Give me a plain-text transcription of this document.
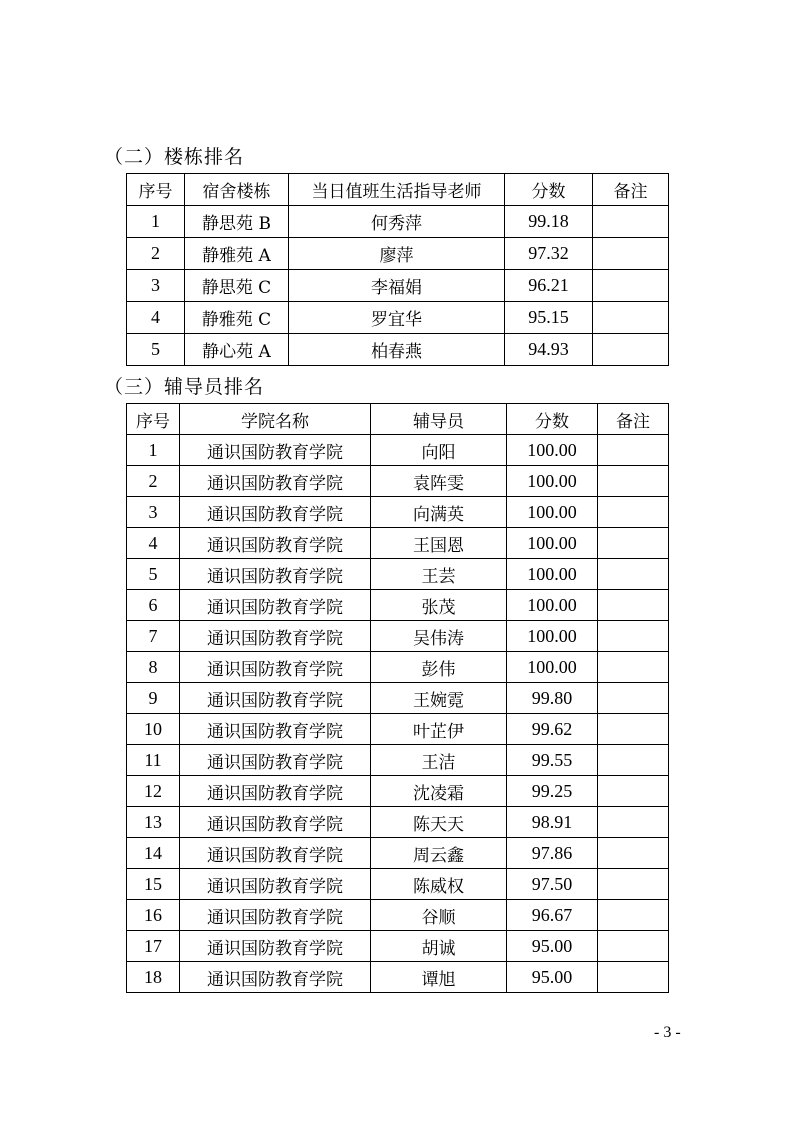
（二）楼栋排名
序号	宿舍楼栋	当日值班生活指导老师	分数	备注
1	静思苑 B	何秀萍	99.18	
2	静雅苑 A	廖萍	97.32	
3	静思苑 C	李福娟	96.21	
4	静雅苑 C	罗宜华	95.15	
5	静心苑 A	柏春燕	94.93	
（三）辅导员排名
序号	学院名称	辅导员	分数	备注
1	通识国防教育学院	向阳	100.00	
2	通识国防教育学院	袁阵雯	100.00	
3	通识国防教育学院	向满英	100.00	
4	通识国防教育学院	王国恩	100.00	
5	通识国防教育学院	王芸	100.00	
6	通识国防教育学院	张茂	100.00	
7	通识国防教育学院	吴伟涛	100.00	
8	通识国防教育学院	彭伟	100.00	
9	通识国防教育学院	王婉霓	99.80	
10	通识国防教育学院	叶芷伊	99.62	
11	通识国防教育学院	王洁	99.55	
12	通识国防教育学院	沈凌霜	99.25	
13	通识国防教育学院	陈天天	98.91	
14	通识国防教育学院	周云鑫	97.86	
15	通识国防教育学院	陈威权	97.50	
16	通识国防教育学院	谷顺	96.67	
17	通识国防教育学院	胡诚	95.00	
18	通识国防教育学院	谭旭	95.00	
- 3 -
